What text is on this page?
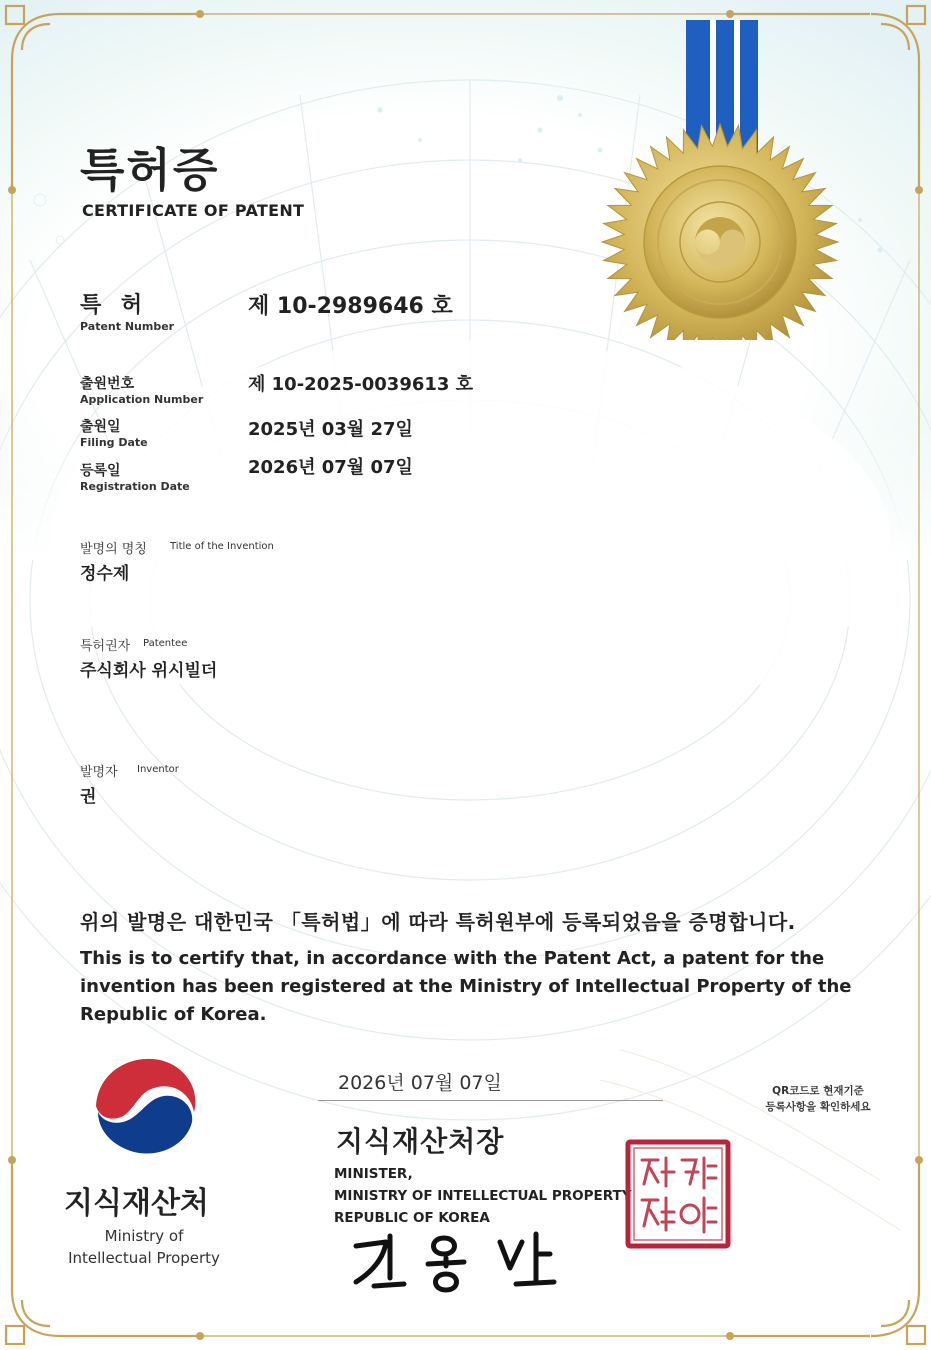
특허증
CERTIFICATE OF PATENT
특 허
Patent Number
제 10-2989646 호
출원번호
Application Number
제 10-2025-0039613 호
출원일
Filing Date
2025년 03월 27일
등록일
Registration Date
2026년 07월 07일
발명의 명칭 Title of the Invention
정수제
특허권자 Patentee
주식회사 위시빌더
발명자 Inventor
권
위의 발명은 대한민국 「특허법」에 따라 특허원부에 등록되었음을 증명합니다.
This is to certify that, in accordance with the Patent Act, a patent for the invention has been registered at the Ministry of Intellectual Property of the Republic of Korea.
지식재산처
Ministry of
Intellectual Property
2026년 07월 07일
지식재산처장
MINISTER,
MINISTRY OF INTELLECTUAL PROPERTY
REPUBLIC OF KOREA
QR코드로 현재기준
등록사항을 확인하세요
